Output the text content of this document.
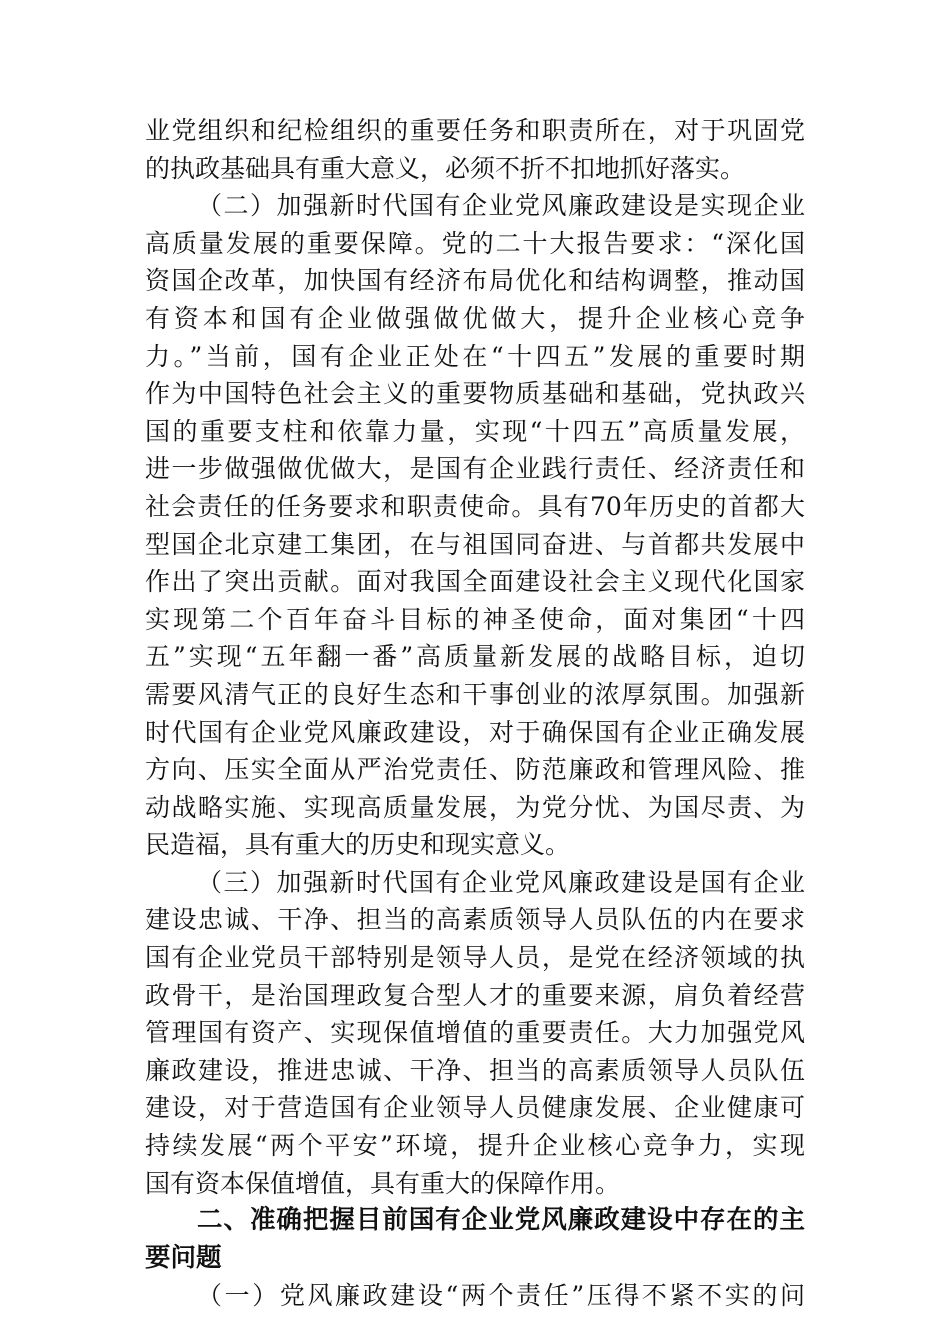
业党组织和纪检组织的重要任务和职责所在，对于巩固党
的执政基础具有重大意义，必须不折不扣地抓好落实。
（二）加强新时代国有企业党风廉政建设是实现企业
高质量发展的重要保障。党的二十大报告要求：“深化国
资国企改革，加快国有经济布局优化和结构调整，推动国
有资本和国有企业做强做优做大，提升企业核心竞争
力。”当前，国有企业正处在“十四五”发展的重要时期
作为中国特色社会主义的重要物质基础和基础，党执政兴
国的重要支柱和依靠力量，实现“十四五”高质量发展，
进一步做强做优做大，是国有企业践行责任、经济责任和
社会责任的任务要求和职责使命。具有70年历史的首都大
型国企北京建工集团，在与祖国同奋进、与首都共发展中
作出了突出贡献。面对我国全面建设社会主义现代化国家
实现第二个百年奋斗目标的神圣使命，面对集团“十四
五”实现“五年翻一番”高质量新发展的战略目标，迫切
需要风清气正的良好生态和干事创业的浓厚氛围。加强新
时代国有企业党风廉政建设，对于确保国有企业正确发展
方向、压实全面从严治党责任、防范廉政和管理风险、推
动战略实施、实现高质量发展，为党分忧、为国尽责、为
民造福，具有重大的历史和现实意义。
（三）加强新时代国有企业党风廉政建设是国有企业
建设忠诚、干净、担当的高素质领导人员队伍的内在要求
国有企业党员干部特别是领导人员，是党在经济领域的执
政骨干，是治国理政复合型人才的重要来源，肩负着经营
管理国有资产、实现保值增值的重要责任。大力加强党风
廉政建设，推进忠诚、干净、担当的高素质领导人员队伍
建设，对于营造国有企业领导人员健康发展、企业健康可
持续发展“两个平安”环境，提升企业核心竞争力，实现
国有资本保值增值，具有重大的保障作用。
二、准确把握目前国有企业党风廉政建设中存在的主
要问题
（一）党风廉政建设“两个责任”压得不紧不实的问
